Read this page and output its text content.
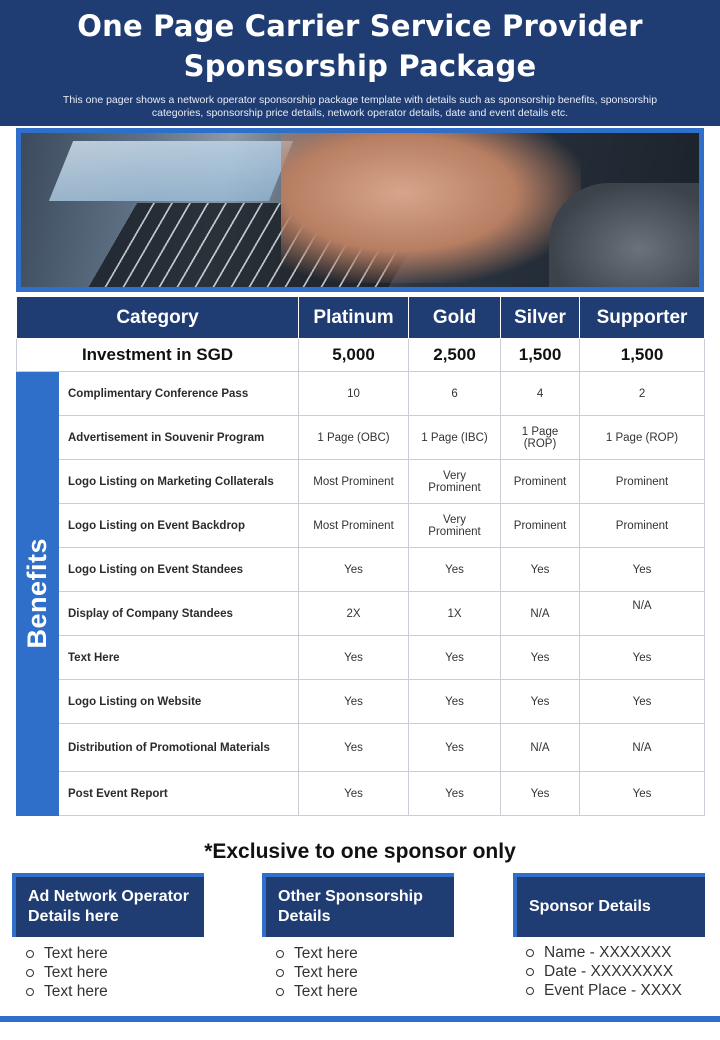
One Page Carrier Service Provider
Sponsorship Package

This one pager shows a network operator sponsorship package template with details such as sponsorship benefits, sponsorship categories, sponsorship price details, network operator details, date and event details etc.

Category		Platinum	Gold	Silver	Supporter
Investment in SGD		5,000	2,500	1,500	1,500

Benefits	Complimentary Conference Pass	10	6	4	2
	Advertisement in Souvenir Program	1 Page (OBC)	1 Page (IBC)	1 Page (ROP)	1 Page (ROP)
	Logo Listing on Marketing Collaterals	Most Prominent	Very Prominent	Prominent	Prominent
	Logo Listing on Event Backdrop	Most Prominent	Very Prominent	Prominent	Prominent
	Logo Listing on Event Standees	Yes	Yes	Yes	Yes
	Display of Company Standees	2X	1X	N/A	N/A
	Text Here	Yes	Yes	Yes	Yes
	Logo Listing on Website	Yes	Yes	Yes	Yes
	Distribution of Promotional Materials	Yes	Yes	N/A	N/A
	Post Event Report	Yes	Yes	Yes	Yes
*Exclusive to one sponsor only
Ad Network Operator Details here
Text here
Text here
Text here
Other Sponsorship Details
Text here
Text here
Text here
Sponsor Details
Name - XXXXXXX
Date - XXXXXXXX
Event Place - XXXX
